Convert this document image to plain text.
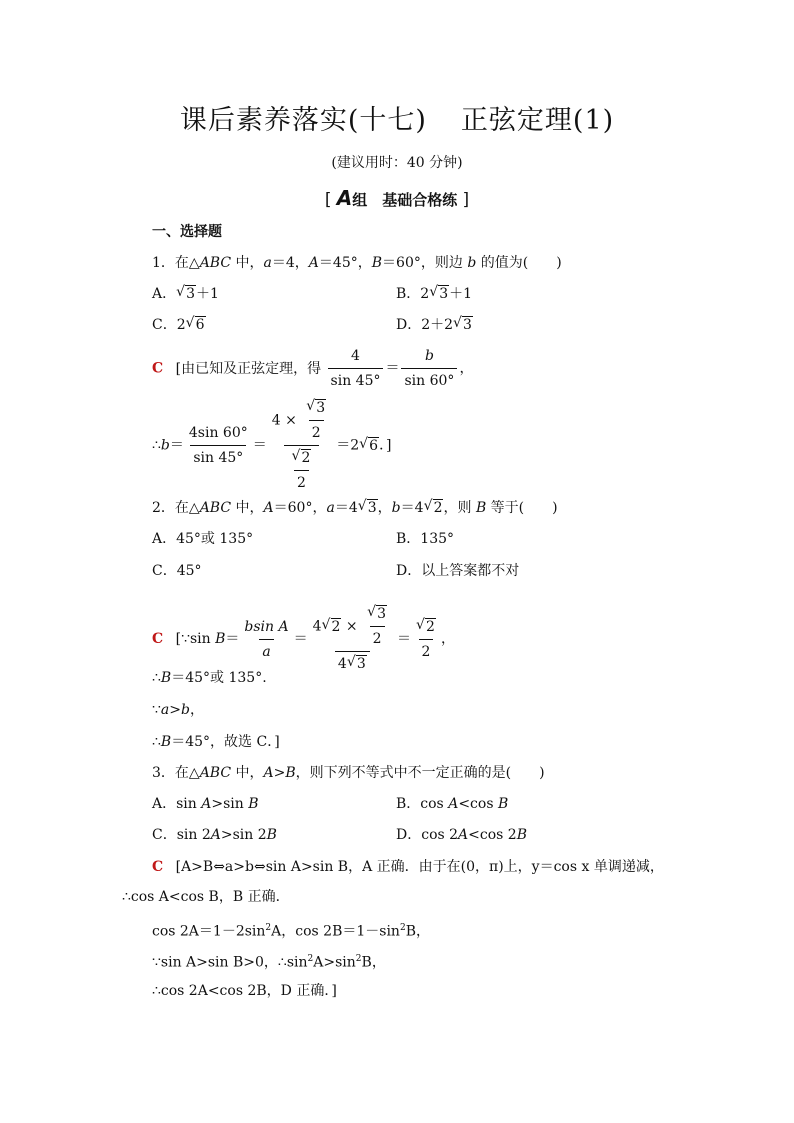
课后素养落实(十七) 正弦定理(1)
(建议用时：40 分钟)
[ A组　基础合格练 ]
一、选择题
1．在△ABC 中，a＝4，A＝45°，B＝60°，则边 b 的值为(　　)
A． √ 3＋1	B．2 √ 3＋1
C．2 √ 6	D．2＋2 √ 3
C [由已知及正弦定理，得 $\frac{4}{\sin 45^\circ} = \frac{b}{\sin 60^\circ}$ ，
∴b＝ $\frac{4\sin 60^\circ}{\sin 45^\circ} = \frac{4 \times \frac{√ 3}{2}}{\frac{√ 2}{2}} =2$ √ 6．]
2．在△ABC 中，A＝60°，a＝4 √ 3，b＝4 √ 2，则 B 等于(　　)
A．45°或 135°	B．135°
C．45°	D．以上答案都不对
C [∵sin $B= \frac{\text{bsin A}}{a} = \frac{4 √ 2 \times \frac{√ 3}{2}}{4 √ 3} = \frac{√ 2}{2}$ ，
∴B＝45°或 135°.
∵a>b，
∴B＝45°，故选 C．]
3．在△ABC 中，A>B，则下列不等式中不一定正确的是(　　)
A．sin A>sin B	B．cos A<cos B
C．sin 2A>sin 2B	D．cos 2A<cos 2B
C [A>B⇔a>b⇔sin A>sin B，A 正确．由于在(0，π)上，y＝cos x 单调递减，
∴cos A<cos B，B 正确．
$\cos 2A=1-2\sin^2A$，$\cos 2B=1-\sin^2B$，
∵sin A>sin B>0，$\therefore\sin^2A>\sin^2B$，
∴cos 2A<cos 2B，D 正确．]
